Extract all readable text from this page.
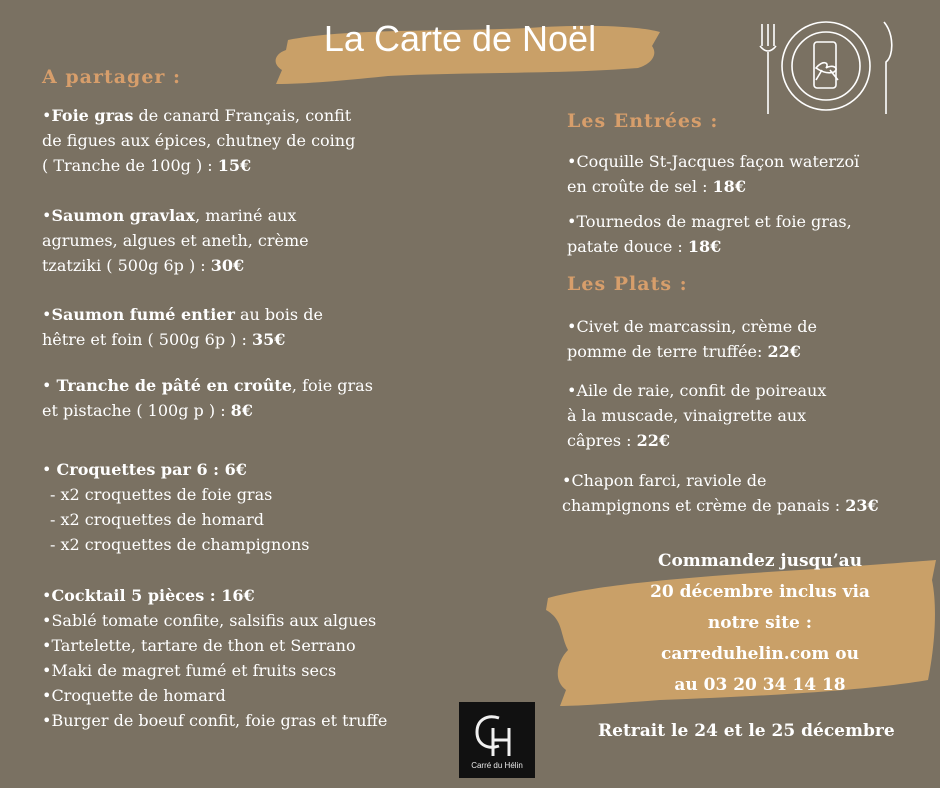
La Carte de Noël
A partager :
•Foie gras de canard Français, confit
de figues aux épices, chutney de coing
( Tranche de 100g ) : 15€
•Saumon gravlax, mariné aux
agrumes, algues et aneth, crème
tzatziki ( 500g 6p ) : 30€
•Saumon fumé entier au bois de
hêtre et foin ( 500g 6p ) : 35€
• Tranche de pâté en croûte, foie gras
et pistache ( 100g p ) : 8€
• Croquettes par 6 : 6€
- x2 croquettes de foie gras
- x2 croquettes de homard
- x2 croquettes de champignons
•Cocktail 5 pièces : 16€
•Sablé tomate confite, salsifis aux algues
•Tartelette, tartare de thon et Serrano
•Maki de magret fumé et fruits secs
•Croquette de homard
•Burger de boeuf confit, foie gras et truffe
Les Entrées :
•Coquille St-Jacques façon waterzoï
en croûte de sel : 18€
•Tournedos de magret et foie gras,
patate douce : 18€
Les Plats :
•Civet de marcassin, crème de
pomme de terre truffée: 22€
•Aile de raie, confit de poireaux
à la muscade, vinaigrette aux
câpres : 22€
•Chapon farci, raviole de
champignons et crème de panais : 23€
Commandez jusqu’au
20 décembre inclus via
notre site :
carreduhelin.com ou
au 03 20 34 14 18
Retrait le 24 et le 25 décembre
Carré du Hélin
